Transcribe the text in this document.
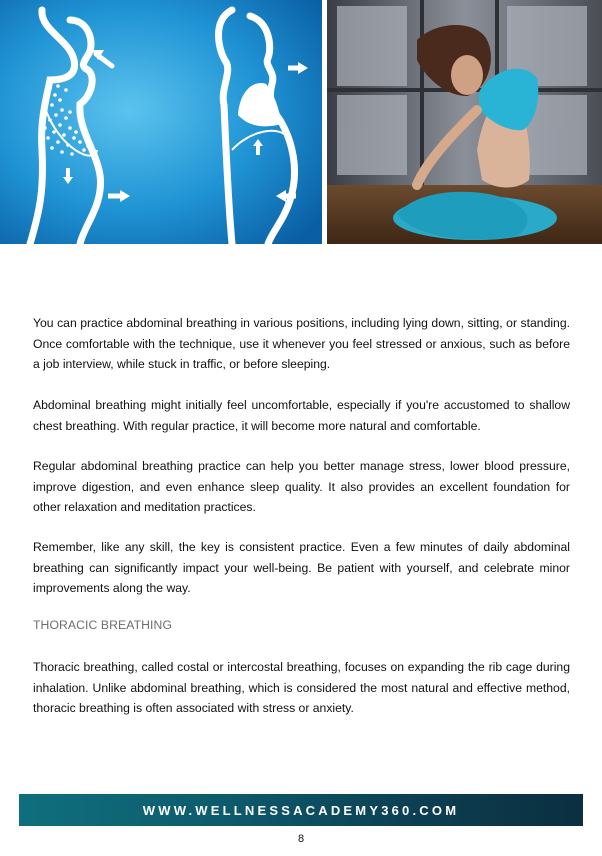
You can practice abdominal breathing in various positions, including lying down, sitting, or standing. Once comfortable with the technique, use it whenever you feel stressed or anxious, such as before a job interview, while stuck in traffic, or before sleeping.

Abdominal breathing might initially feel uncomfortable, especially if you're accustomed to shallow chest breathing. With regular practice, it will become more natural and comfortable.

Regular abdominal breathing practice can help you better manage stress, lower blood pressure, improve digestion, and even enhance sleep quality. It also provides an excellent foundation for other relaxation and meditation practices.

Remember, like any skill, the key is consistent practice. Even a few minutes of daily abdominal breathing can significantly impact your well-being. Be patient with yourself, and celebrate minor improvements along the way.

THORACIC BREATHING

Thoracic breathing, called costal or intercostal breathing, focuses on expanding the rib cage during inhalation. Unlike abdominal breathing, which is considered the most natural and effective method, thoracic breathing is often associated with stress or anxiety.

WWW.WELLNESSACADEMY360.COM
8
